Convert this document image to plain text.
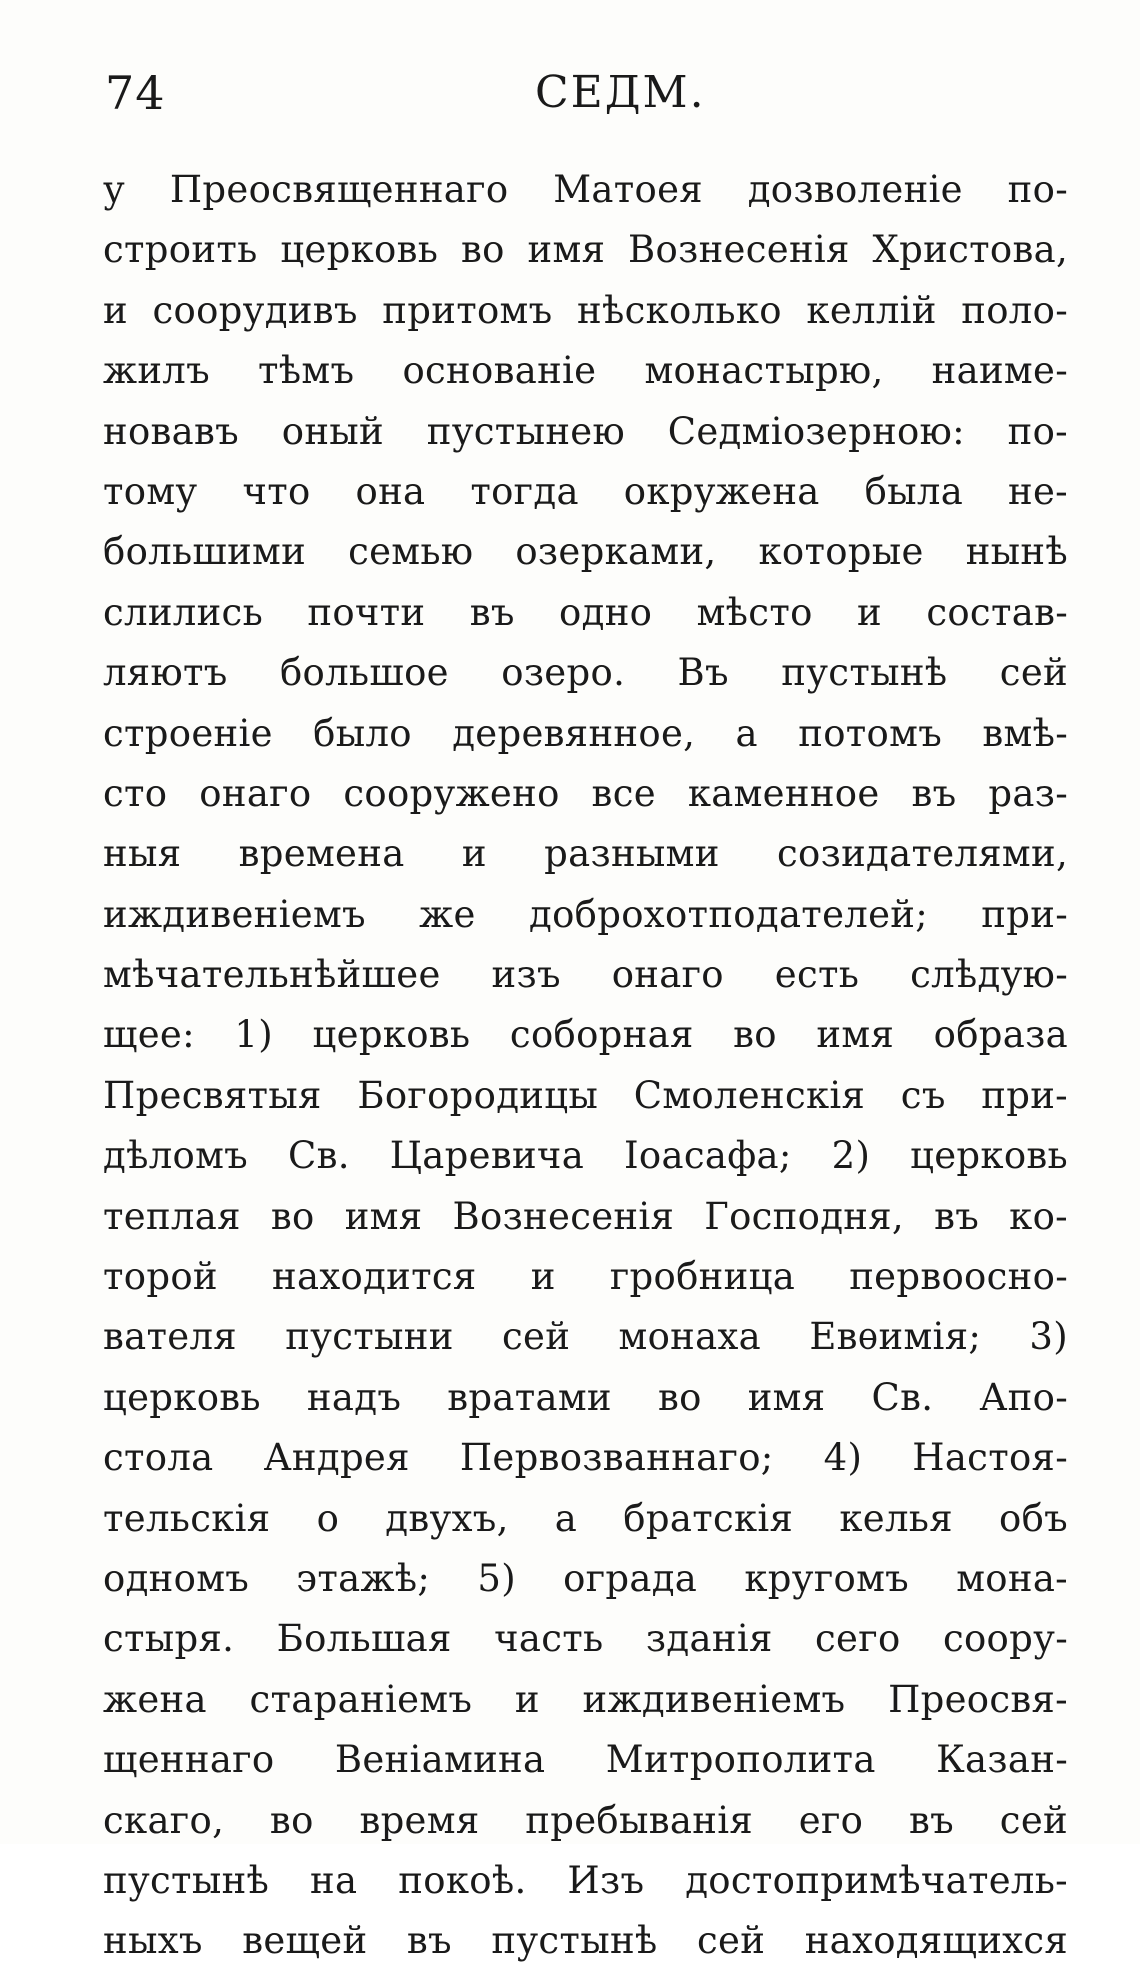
74	СЕДМ.
у Преосвященнаго Матоея дозволеніе по-
строить церковь во имя Вознесенія Христова,
и соорудивъ притомъ нѣсколько келлій поло-
жилъ тѣмъ основаніе монастырю, наиме-
новавъ оный пустынею Седміозерною: по-
тому что она тогда окружена была не-
большими семью озерками, которые нынѣ
слились почти въ одно мѣсто и состав-
ляютъ большое озеро. Въ пустынѣ сей
строеніе было деревянное, а потомъ вмѣ-
сто онаго сооружено все каменное въ раз-
ныя времена и разными созидателями,
иждивеніемъ же доброхотподателей; при-
мѣчательнѣйшее изъ онаго есть слѣдую-
щее: 1) церковь соборная во имя образа
Пресвятыя Богородицы Смоленскія съ при-
дѣломъ Св. Царевича Іоасафа; 2) церковь
теплая во имя Вознесенія Господня, въ ко-
торой находится и гробница первоосно-
вателя пустыни сей монаха Евѳимія; 3)
церковь надъ вратами во имя Св. Апо-
стола Андрея Первозваннаго; 4) Настоя-
тельскія о двухъ, а братскія келья объ
одномъ этажѣ; 5) ограда кругомъ мона-
стыря. Большая часть зданія сего соору-
жена стараніемъ и иждивеніемъ Преосвя-
щеннаго Веніамина Митрополита Казан-
скаго, во время пребыванія его въ сей
пустынѣ на покоѣ. Изъ достопримѣчатель-
ныхъ вещей въ пустынѣ сей находящихся
